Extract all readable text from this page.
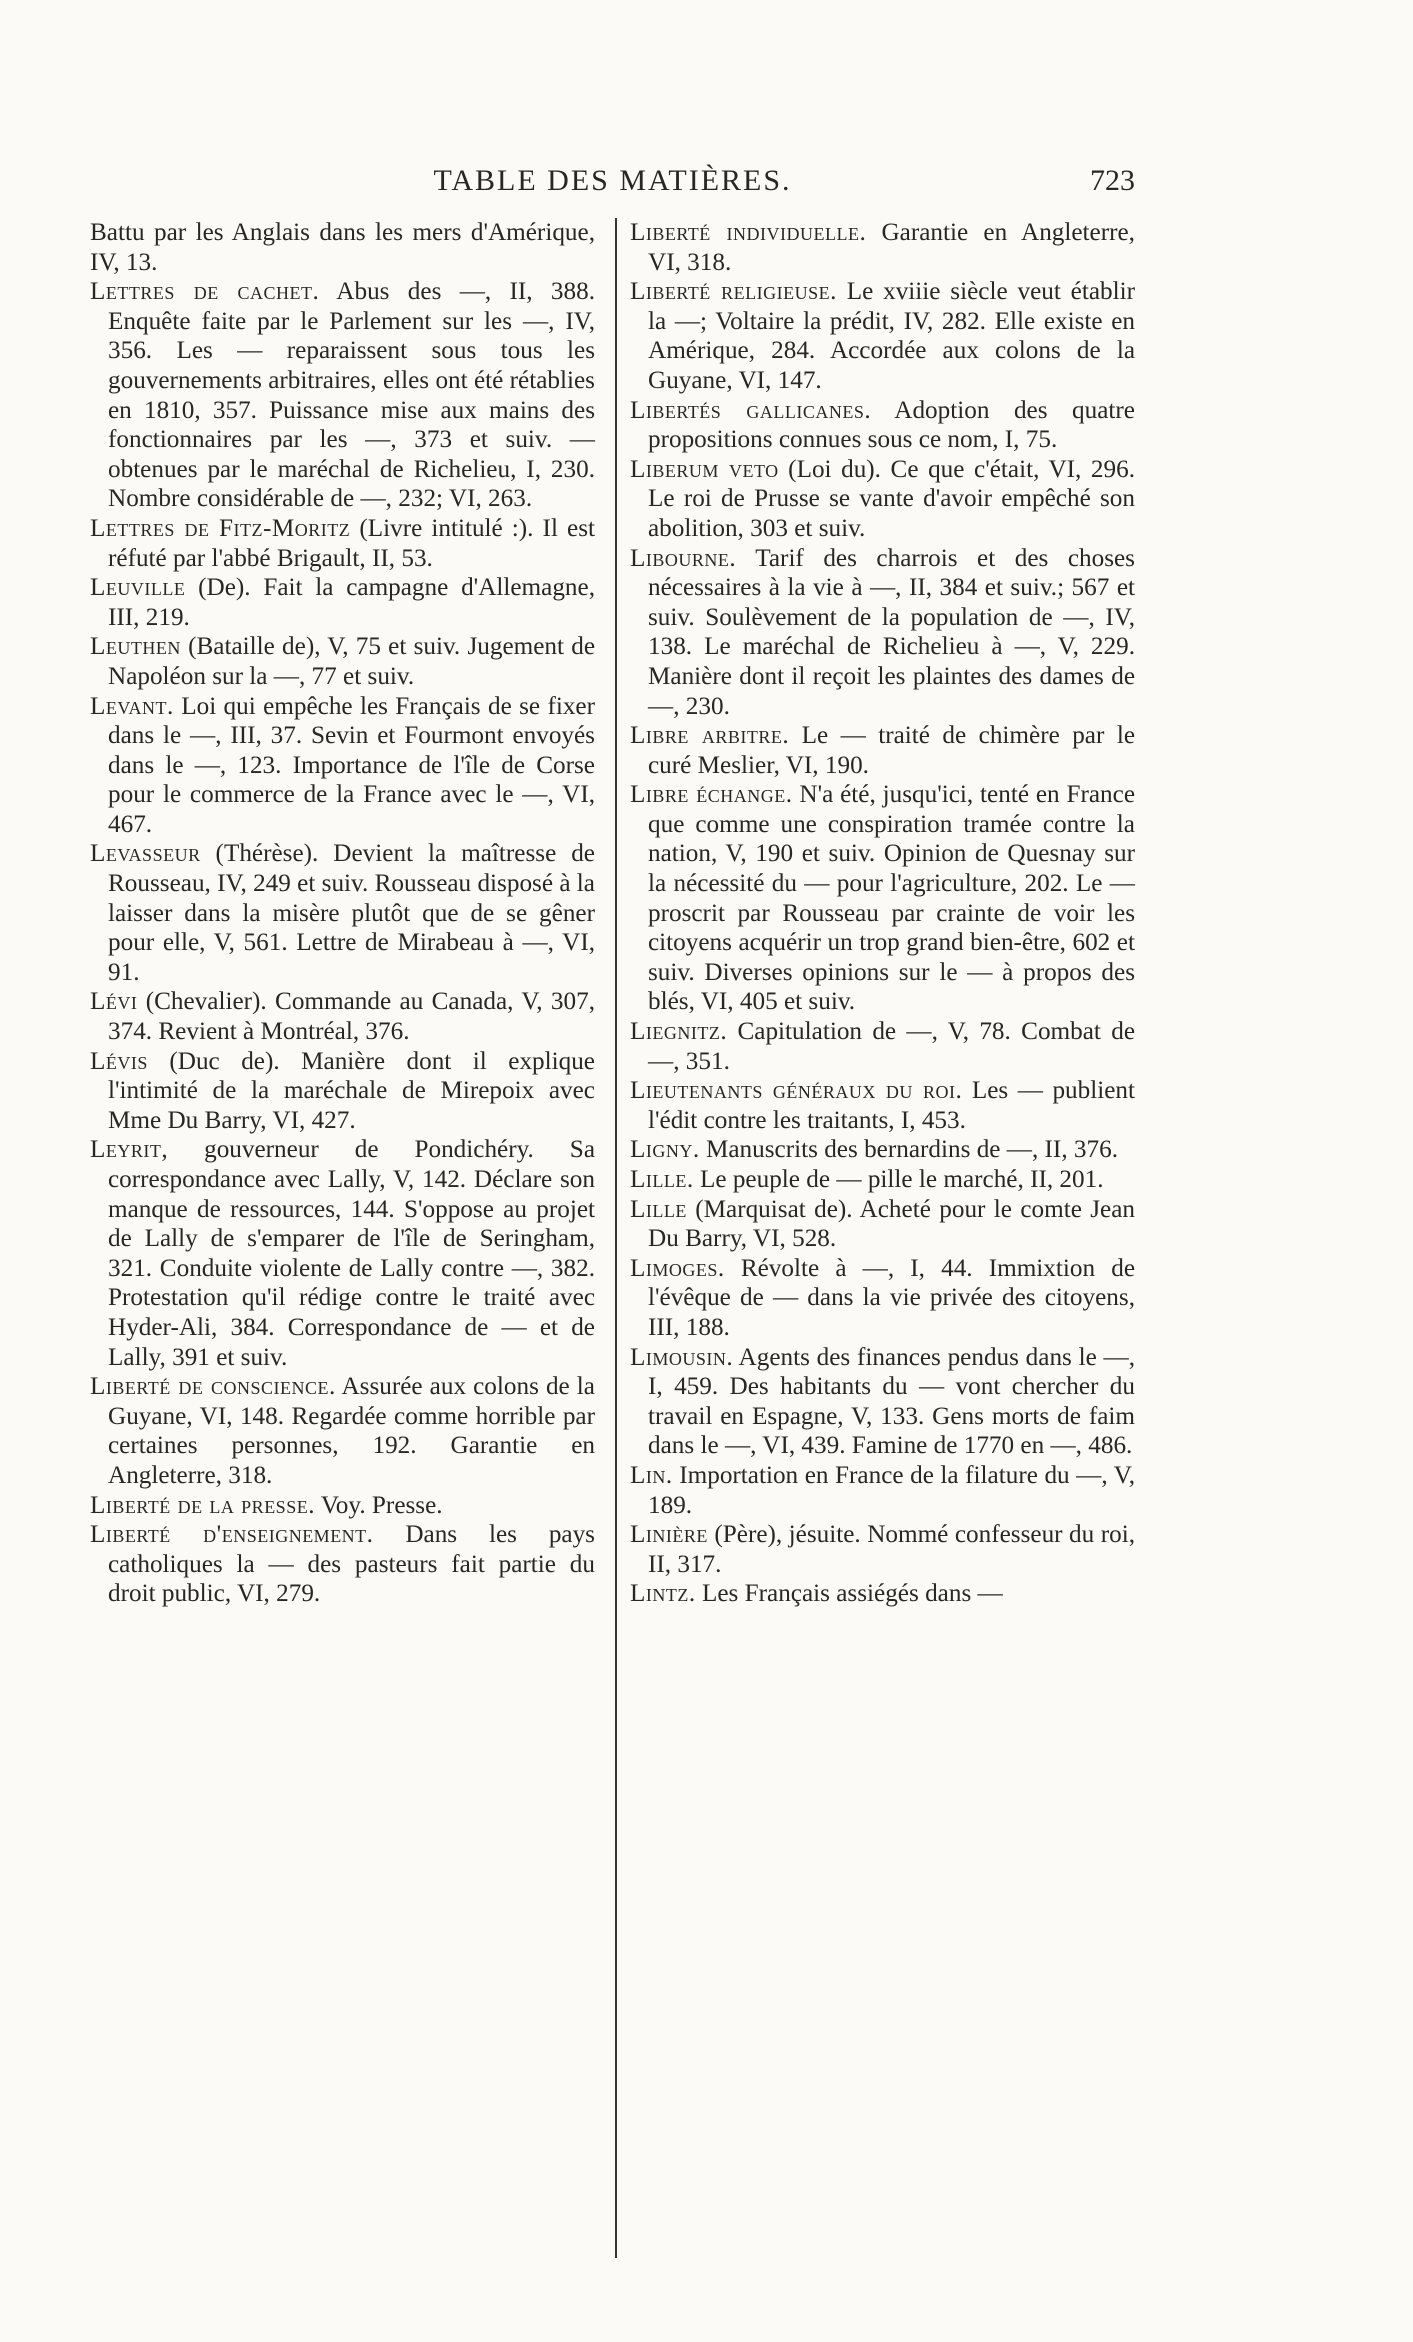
TABLE DES MATIÈRES.	723

Battu par les Anglais dans les mers d'Amérique, IV, 13.

Lettres de cachet. Abus des —, II, 388. Enquête faite par le Parlement sur les —, IV, 356. Les — reparaissent sous tous les gouvernements arbitraires, elles ont été rétablies en 1810, 357. Puissance mise aux mains des fonctionnaires par les —, 373 et suiv. — obtenues par le maréchal de Richelieu, I, 230. Nombre considérable de —, 232; VI, 263.

Lettres de Fitz-Moritz (Livre intitulé :). Il est réfuté par l'abbé Brigault, II, 53.

Leuville (De). Fait la campagne d'Allemagne, III, 219.

Leuthen (Bataille de), V, 75 et suiv. Jugement de Napoléon sur la —, 77 et suiv.

Levant. Loi qui empêche les Français de se fixer dans le —, III, 37. Sevin et Fourmont envoyés dans le —, 123. Importance de l'île de Corse pour le commerce de la France avec le —, VI, 467.

Levasseur (Thérèse). Devient la maîtresse de Rousseau, IV, 249 et suiv. Rousseau disposé à la laisser dans la misère plutôt que de se gêner pour elle, V, 561. Lettre de Mirabeau à —, VI, 91.

Lévi (Chevalier). Commande au Canada, V, 307, 374. Revient à Montréal, 376.

Lévis (Duc de). Manière dont il explique l'intimité de la maréchale de Mirepoix avec Mme Du Barry, VI, 427.

Leyrit, gouverneur de Pondichéry. Sa correspondance avec Lally, V, 142. Déclare son manque de ressources, 144. S'oppose au projet de Lally de s'emparer de l'île de Seringham, 321. Conduite violente de Lally contre —, 382. Protestation qu'il rédige contre le traité avec Hyder-Ali, 384. Correspondance de — et de Lally, 391 et suiv.

Liberté de conscience. Assurée aux colons de la Guyane, VI, 148. Regardée comme horrible par certaines personnes, 192. Garantie en Angleterre, 318.

Liberté de la presse. Voy. Presse.

Liberté d'enseignement. Dans les pays catholiques la — des pasteurs fait partie du droit public, VI, 279.

Liberté individuelle. Garantie en Angleterre, VI, 318.

Liberté religieuse. Le xviiie siècle veut établir la —; Voltaire la prédit, IV, 282. Elle existe en Amérique, 284. Accordée aux colons de la Guyane, VI, 147.

Libertés gallicanes. Adoption des quatre propositions connues sous ce nom, I, 75.

Liberum veto (Loi du). Ce que c'était, VI, 296. Le roi de Prusse se vante d'avoir empêché son abolition, 303 et suiv.

Libourne. Tarif des charrois et des choses nécessaires à la vie à —, II, 384 et suiv.; 567 et suiv. Soulèvement de la population de —, IV, 138. Le maréchal de Richelieu à —, V, 229. Manière dont il reçoit les plaintes des dames de —, 230.

Libre arbitre. Le — traité de chimère par le curé Meslier, VI, 190.

Libre échange. N'a été, jusqu'ici, tenté en France que comme une conspiration tramée contre la nation, V, 190 et suiv. Opinion de Quesnay sur la nécessité du — pour l'agriculture, 202. Le — proscrit par Rousseau par crainte de voir les citoyens acquérir un trop grand bien-être, 602 et suiv. Diverses opinions sur le — à propos des blés, VI, 405 et suiv.

Liegnitz. Capitulation de —, V, 78. Combat de —, 351.

Lieutenants généraux du roi. Les — publient l'édit contre les traitants, I, 453.

Ligny. Manuscrits des bernardins de —, II, 376.

Lille. Le peuple de — pille le marché, II, 201.

Lille (Marquisat de). Acheté pour le comte Jean Du Barry, VI, 528.

Limoges. Révolte à —, I, 44. Immixtion de l'évêque de — dans la vie privée des citoyens, III, 188.

Limousin. Agents des finances pendus dans le —, I, 459. Des habitants du — vont chercher du travail en Espagne, V, 133. Gens morts de faim dans le —, VI, 439. Famine de 1770 en —, 486.

Lin. Importation en France de la filature du —, V, 189.

Linière (Père), jésuite. Nommé confesseur du roi, II, 317.

Lintz. Les Français assiégés dans —
